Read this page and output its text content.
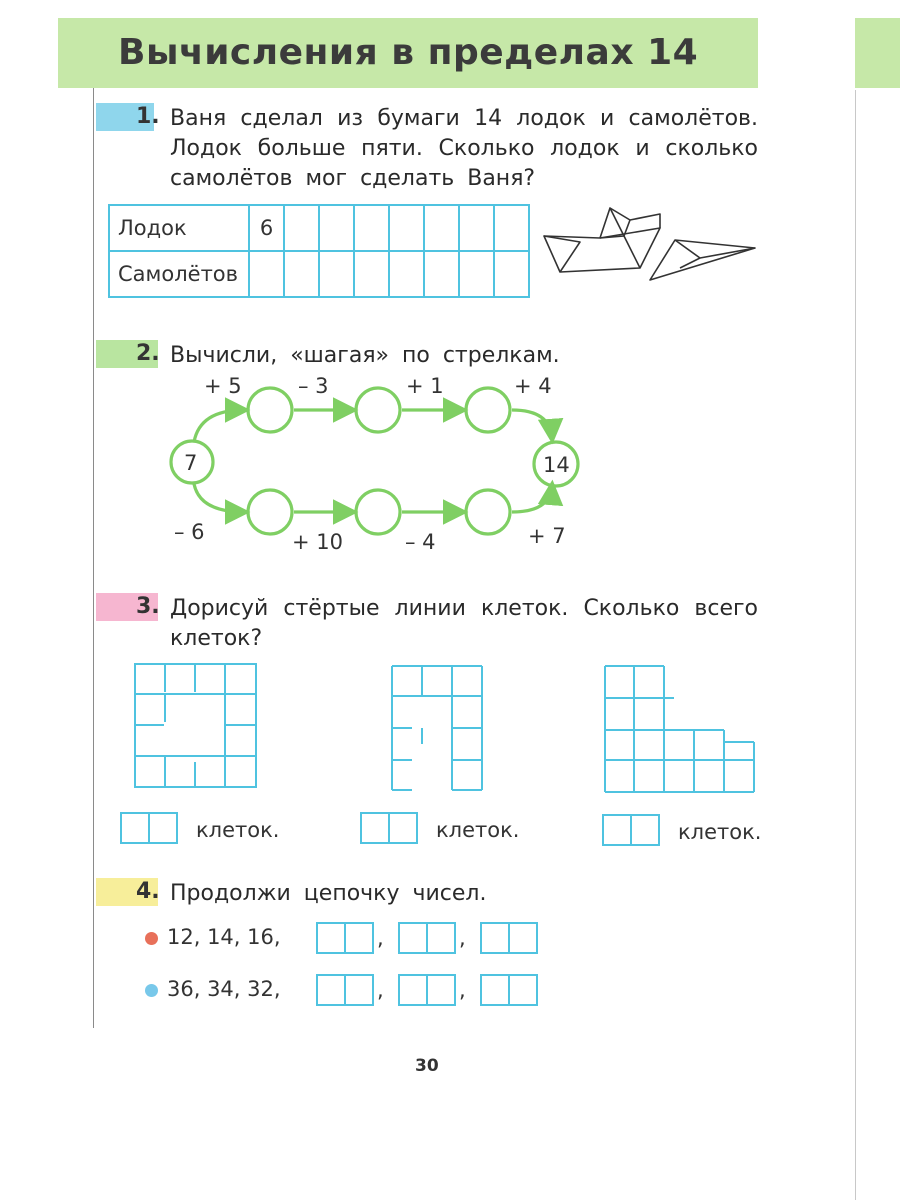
Вычисления в пределах 14
1. Ваня сделал из бумаги 14 лодок и самолётов. Лодок больше пяти. Сколько лодок и сколько самолётов мог сделать Ваня?
Лодок	6							
Самолётов								
2. Вычисли, «шагая» по стрелкам.
7	14
+ 5	– 3	+ 1	+ 4
– 6	+ 10	– 4	+ 7
3. Дорисуй стёртые линии клеток. Сколько всего клеток?
клеток.	клеток.	клеток.
4. Продолжи цепочку чисел.
12, 14, 16,	,	,
36, 34, 32,	,	,
30
